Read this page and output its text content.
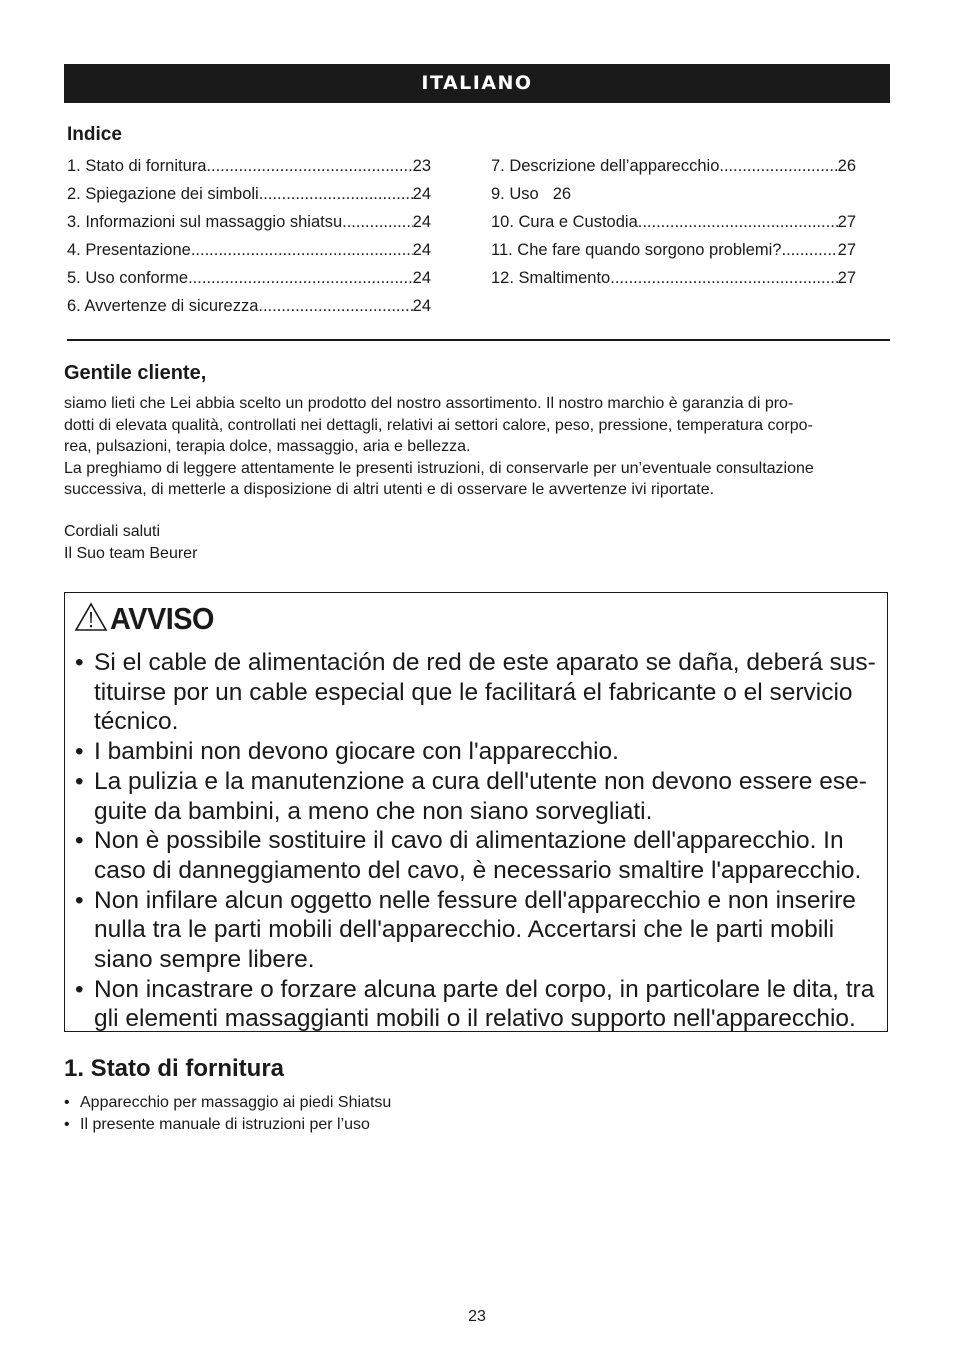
ITALIANO
Indice
1. Stato di fornitura .....	23
2. Spiegazione dei simboli .....	24
3. Informazioni sul massaggio shiatsu .....	24
4. Presentazione .....	24
5. Uso conforme .....	24
6. Avvertenze di sicurezza .....	24
7. Descrizione dell’apparecchio .....	26
9. Uso 26
10. Cura e Custodia .....	27
11. Che fare quando sorgono problemi? .....	27
12. Smaltimento .....	27
Gentile cliente,
siamo lieti che Lei abbia scelto un prodotto del nostro assortimento. Il nostro marchio è garanzia di pro-
dotti di elevata qualità, controllati nei dettagli, relativi ai settori calore, peso, pressione, temperatura corpo-
rea, pulsazioni, terapia dolce, massaggio, aria e bellezza.
La preghiamo di leggere attentamente le presenti istruzioni, di conservarle per un’eventuale consultazione
successiva, di metterle a disposizione di altri utenti e di osservare le avvertenze ivi riportate.
Cordiali saluti
Il Suo team Beurer
AVVISO
• Si el cable de alimentación de red de este aparato se daña, deberá sus-tituirse por un cable especial que le facilitará el fabricante o el servicio técnico.
• I bambini non devono giocare con l'apparecchio.
• La pulizia e la manutenzione a cura dell'utente non devono essere ese-guite da bambini, a meno che non siano sorvegliati.
• Non è possibile sostituire il cavo di alimentazione dell'apparecchio. In caso di danneggiamento del cavo, è necessario smaltire l'apparecchio.
• Non infilare alcun oggetto nelle fessure dell'apparecchio e non inserire nulla tra le parti mobili dell'apparecchio. Accertarsi che le parti mobili siano sempre libere.
• Non incastrare o forzare alcuna parte del corpo, in particolare le dita, tra gli elementi massaggianti mobili o il relativo supporto nell'apparecchio.
1. Stato di fornitura
• Apparecchio per massaggio ai piedi Shiatsu
• Il presente manuale di istruzioni per l’uso
23
